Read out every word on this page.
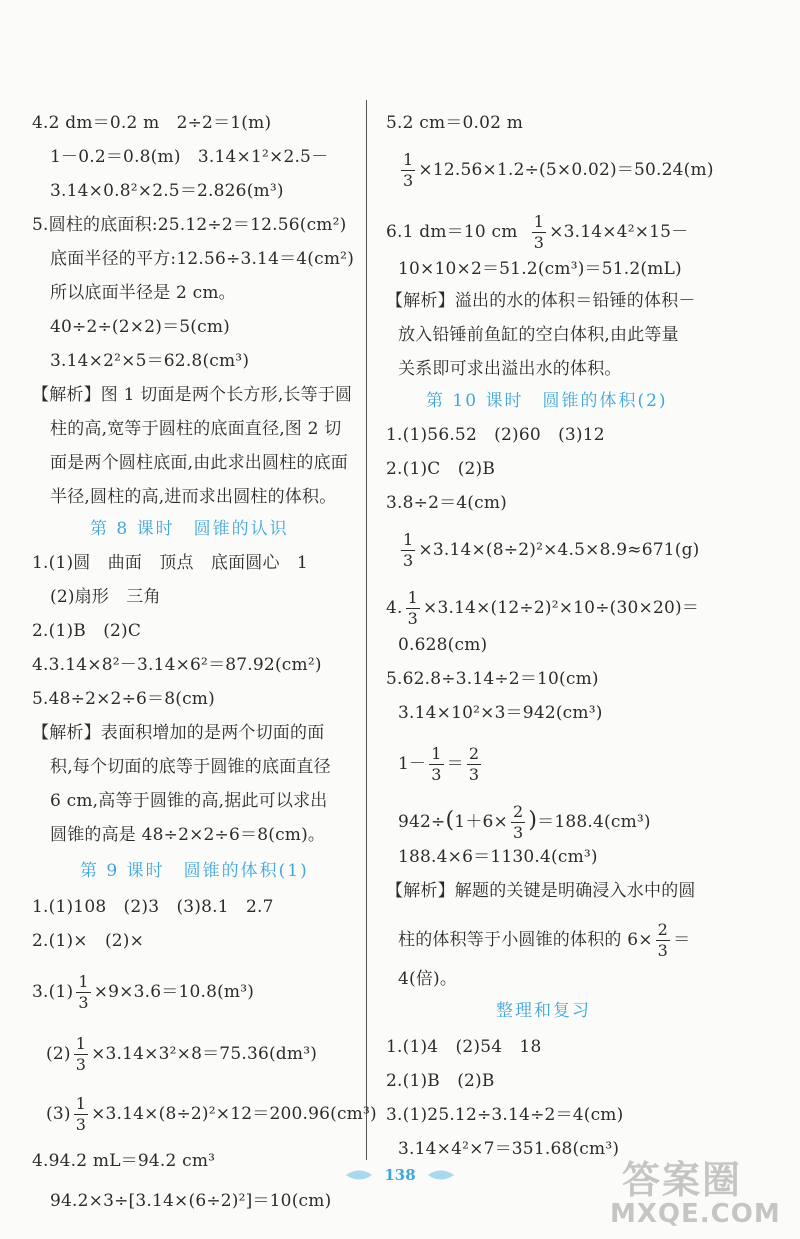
4.2 dm＝0.2 m　2÷2＝1(m)
1－0.2＝0.8(m)　3.14×1²×2.5－
3.14×0.8²×2.5＝2.826(m³)
5.圆柱的底面积:25.12÷2＝12.56(cm²)
底面半径的平方:12.56÷3.14＝4(cm²)
所以底面半径是 2 cm。
40÷2÷(2×2)＝5(cm)
3.14×2²×5＝62.8(cm³)
【解析】图 1 切面是两个长方形,长等于圆
柱的高,宽等于圆柱的底面直径,图 2 切
面是两个圆柱底面,由此求出圆柱的底面
半径,圆柱的高,进而求出圆柱的体积。
第 8 课时　圆锥的认识
1.(1)圆　曲面　顶点　底面圆心　1
(2)扇形　三角
2.(1)B　(2)C
4.3.14×8²－3.14×6²＝87.92(cm²)
5.48÷2×2÷6＝8(cm)
【解析】表面积增加的是两个切面的面
积,每个切面的底等于圆锥的底面直径
6 cm,高等于圆锥的高,据此可以求出
圆锥的高是 48÷2×2÷6＝8(cm)。
第 9 课时　圆锥的体积(1)
1.(1)108　(2)3　(3)8.1　2.7
2.(1)×　(2)×
$3.(1) \frac{1}{3} \times 9\times 3.6=10.8(m^3)$
$(2) \frac{1}{3} \times 3.14\times 3^2\times 8=75.36(dm^3)$
$(3) \frac{1}{3} \times 3.14\times(8\div 2)^2\times 12=200.96(cm^3)$
4.94.2 mL＝94.2 cm³
94.2×3÷[3.14×(6÷2)²]＝10(cm)
5.2 cm＝0.02 m
$\frac{1}{3} \times 12.56\times 1.2\div(5\times 0.02)=50.24(m)$
6.1 dm＝10 cm $\frac{1}{3} \times 3.14\times 4^2\times 15-$
10×10×2＝51.2(cm³)＝51.2(mL)
【解析】溢出的水的体积＝铅锤的体积－
放入铅锤前鱼缸的空白体积,由此等量
关系即可求出溢出水的体积。
第 10 课时　圆锥的体积(2)
1.(1)56.52　(2)60　(3)12
2.(1)C　(2)B
3.8÷2＝4(cm)
$\frac{1}{3} \times 3.14\times(8\div 2)^2\times 4.5\times 8.9\approx 671(g)$
4. $\frac{1}{3} \times 3.14\times(12\div 2)^2\times 10\div(30\times 20)=$
0.628(cm)
5.62.8÷3.14÷2＝10(cm)
3.14×10²×3＝942(cm³)
$1- \frac{1}{3} = \frac{2}{3}$
$942\div(1+6\times \frac{2}{3} )=188.4(cm^3)$
188.4×6＝1130.4(cm³)
【解析】解题的关键是明确浸入水中的圆
柱的体积等于小圆锥的体积的 $6\times \frac{2}{3}$ ＝
4(倍)。
整理和复习
1.(1)4　(2)54　18
2.(1)B　(2)B
3.(1)25.12÷3.14÷2＝4(cm)
3.14×4²×7＝351.68(cm³)
138	答案圈
MXQE.COM
